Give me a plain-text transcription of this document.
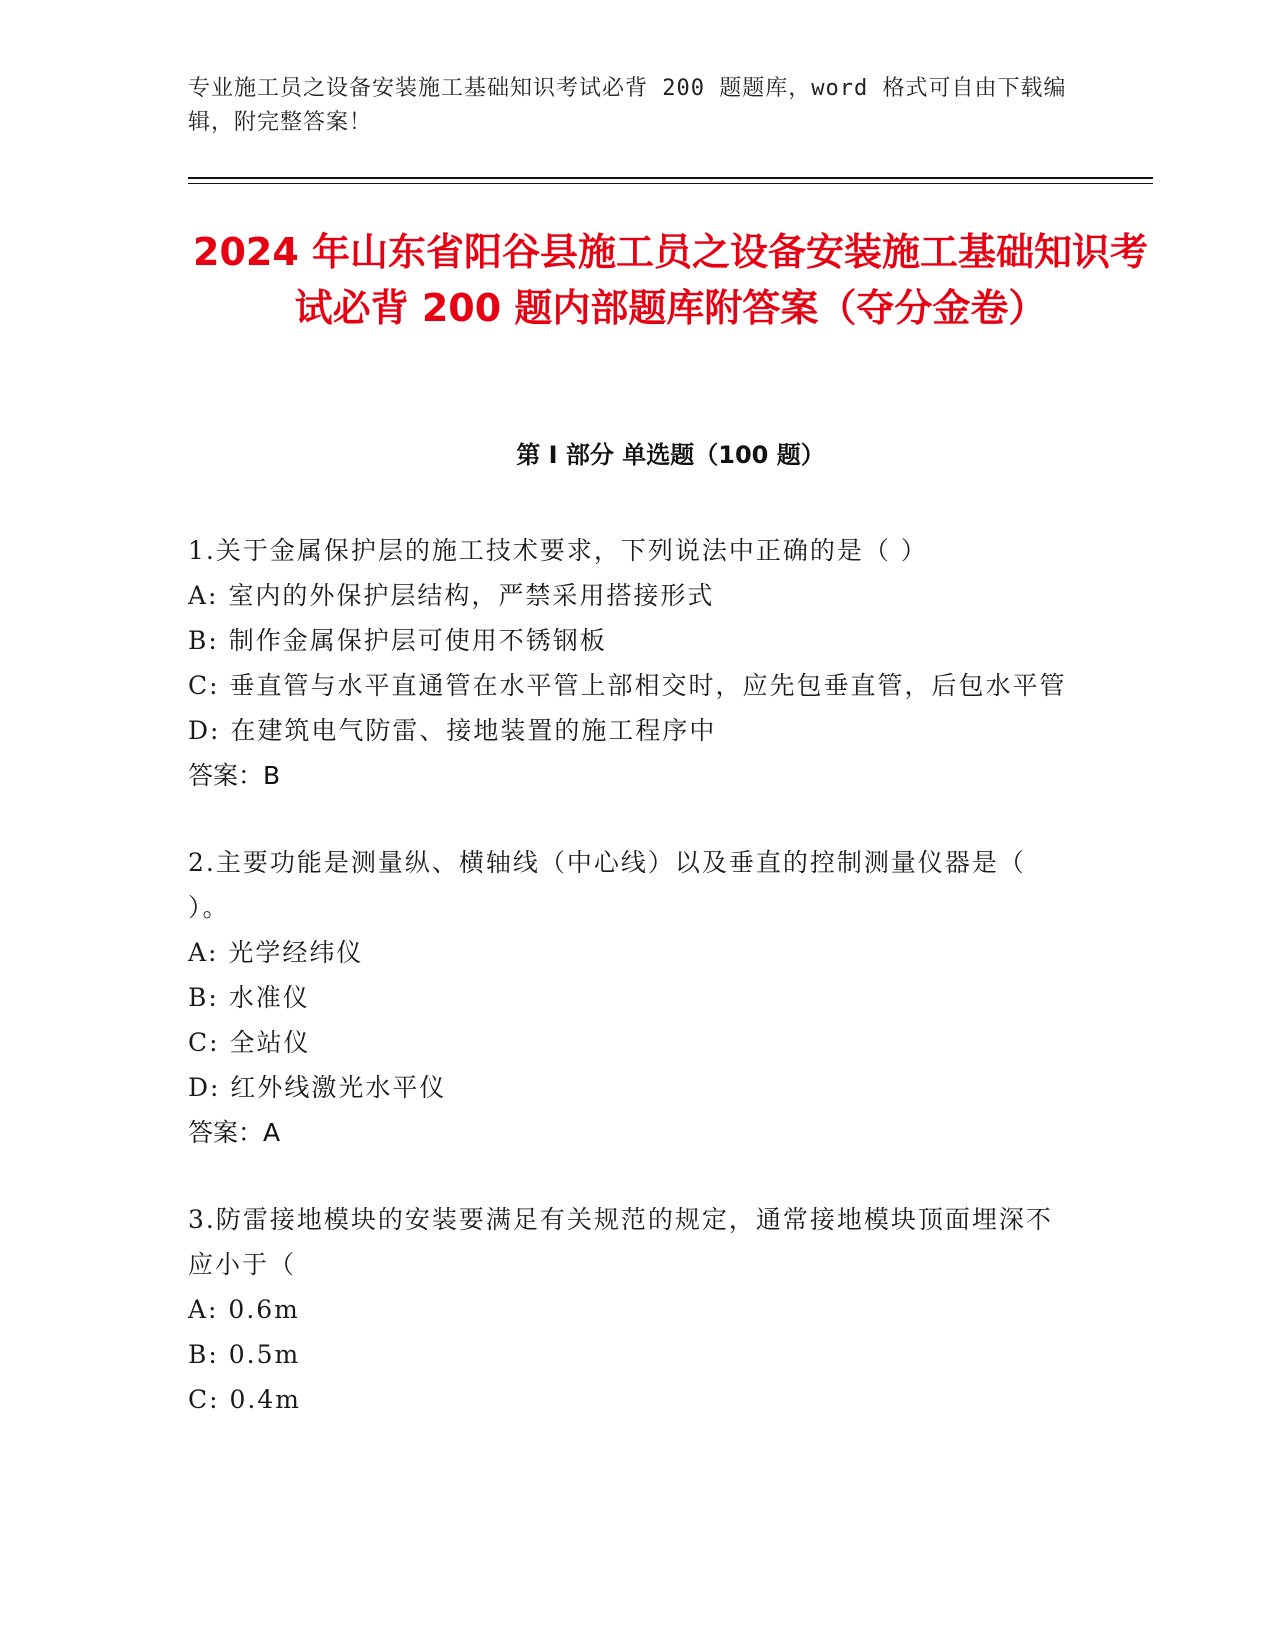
专业施工员之设备安装施工基础知识考试必背 200 题题库，word 格式可自由下载编辑，附完整答案！
2024 年山东省阳谷县施工员之设备安装施工基础知识考试必背 200 题内部题库附答案（夺分金卷）
第 I 部分 单选题（100 题）

1.关于金属保护层的施工技术要求，下列说法中正确的是（ ）

A: 室内的外保护层结构，严禁采用搭接形式

B: 制作金属保护层可使用不锈钢板

C: 垂直管与水平直通管在水平管上部相交时，应先包垂直管，后包水平管

D: 在建筑电气防雷、接地装置的施工程序中

答案：B

2.主要功能是测量纵、横轴线（中心线）以及垂直的控制测量仪器是（ ）。

A: 光学经纬仪

B: 水准仪

C: 全站仪

D: 红外线激光水平仪

答案：A

3.防雷接地模块的安装要满足有关规范的规定，通常接地模块顶面埋深不应小于（

A: 0.6m

B: 0.5m

C: 0.4m
